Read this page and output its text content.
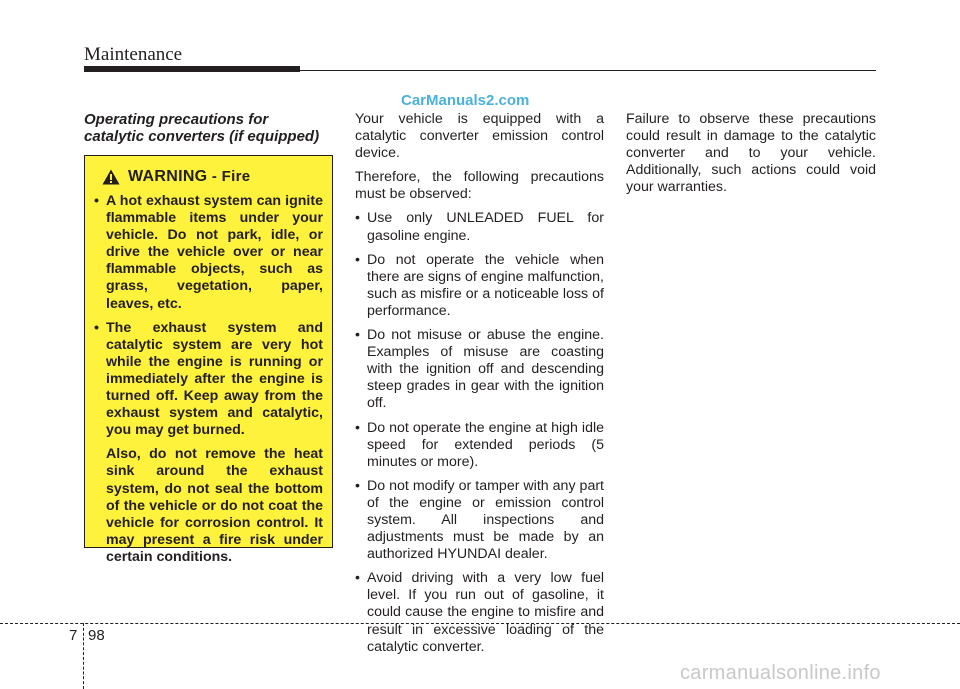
Maintenance
CarManuals2.com
Operating precautions for
catalytic converters (if equipped)
WARNING - Fire
• A hot exhaust system can ignite flammable items under your vehicle. Do not park, idle, or drive the vehicle over or near flammable objects, such as grass, vegetation, paper, leaves, etc.
• The exhaust system and catalytic system are very hot while the engine is running or immediately after the engine is turned off. Keep away from the exhaust system and catalytic, you may get burned.
Also, do not remove the heat sink around the exhaust system, do not seal the bottom of the vehicle or do not coat the vehicle for corrosion control. It may present a fire risk under certain conditions.

Your vehicle is equipped with a catalytic converter emission control device.

Therefore, the following precautions must be observed:

• Use only UNLEADED FUEL for gasoline engine.
• Do not operate the vehicle when there are signs of engine malfunction, such as misfire or a noticeable loss of performance.
• Do not misuse or abuse the engine. Examples of misuse are coasting with the ignition off and descending steep grades in gear with the ignition off.
• Do not operate the engine at high idle speed for extended periods (5 minutes or more).
• Do not modify or tamper with any part of the engine or emission control system. All inspections and adjustments must be made by an authorized HYUNDAI dealer.
• Avoid driving with a very low fuel level. If you run out of gasoline, it could cause the engine to misfire and result in excessive loading of the catalytic converter.

Failure to observe these precautions could result in damage to the catalytic converter and to your vehicle. Additionally, such actions could void your warranties.

7 98
carmanualsonline.info
